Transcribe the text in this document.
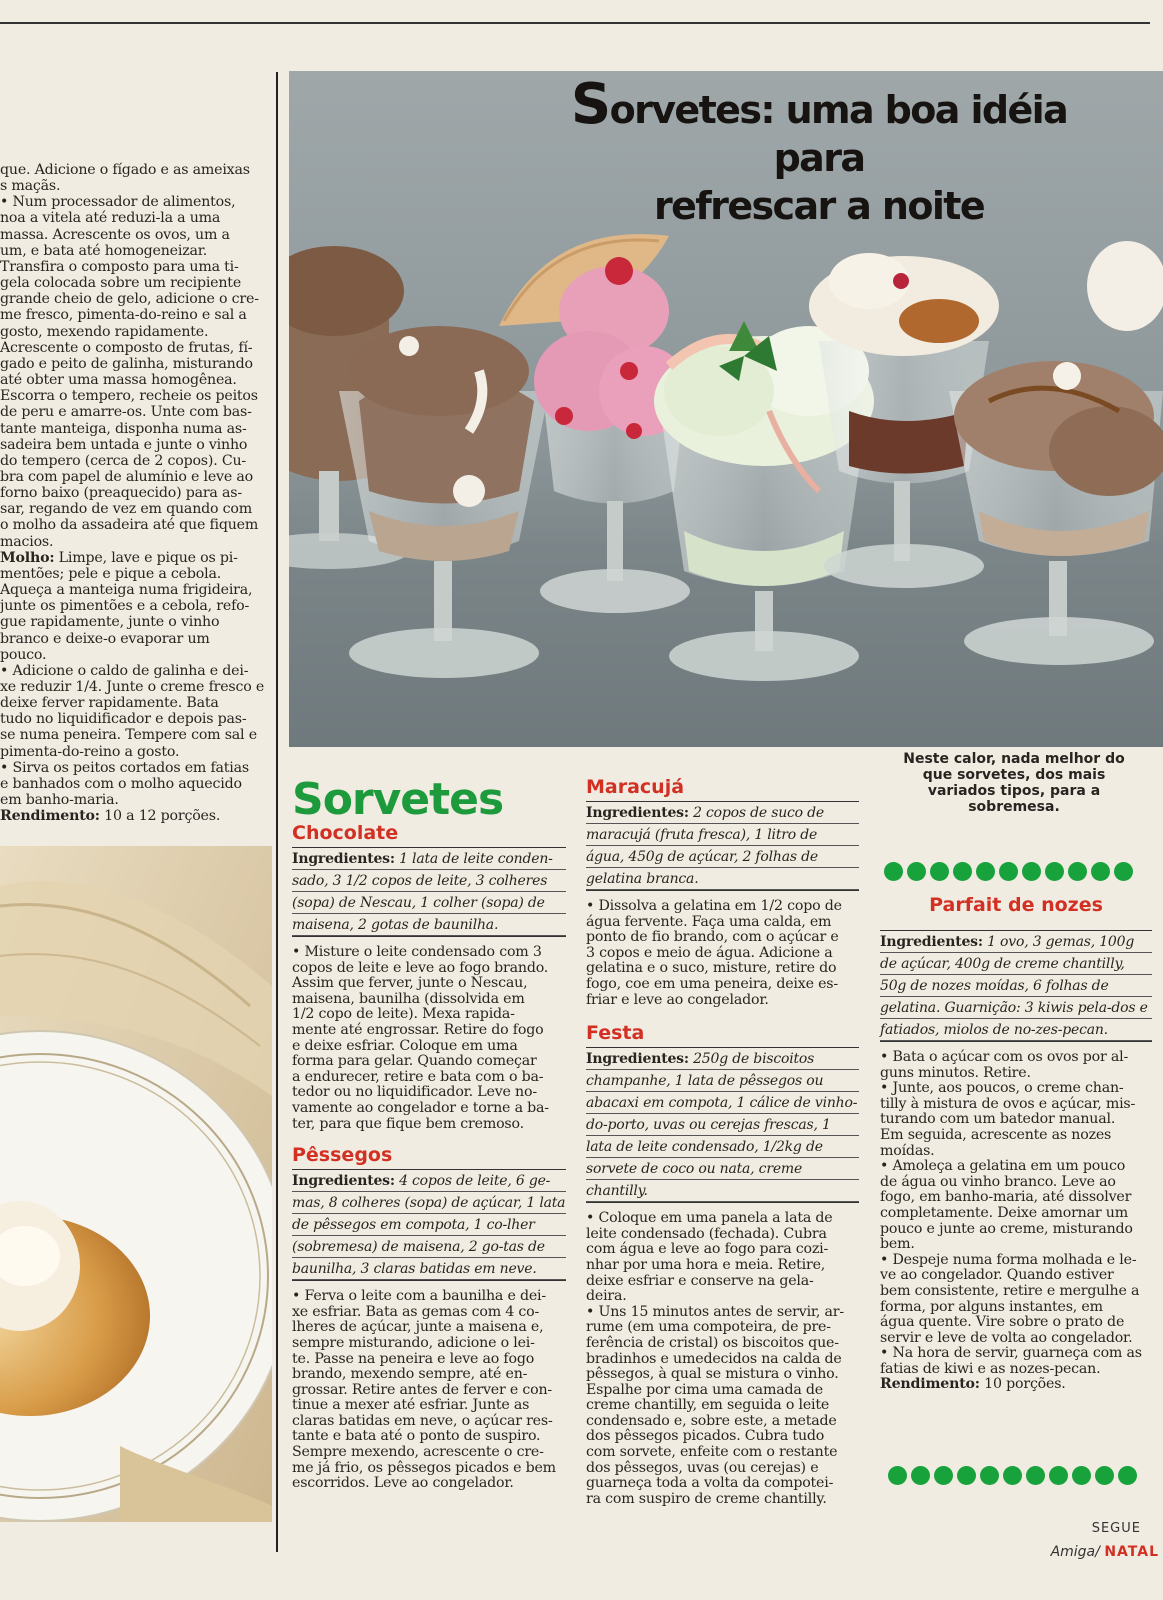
que. Adicione o fígado e as ameixas
s maçãs.
• Num processador de alimentos,
noa a vitela até reduzi-la a uma
massa. Acrescente os ovos, um a
um, e bata até homogeneizar.
Transfira o composto para uma ti-
gela colocada sobre um recipiente
grande cheio de gelo, adicione o cre-
me fresco, pimenta-do-reino e sal a
gosto, mexendo rapidamente.
Acrescente o composto de frutas, fí-
gado e peito de galinha, misturando
até obter uma massa homogênea.
Escorra o tempero, recheie os peitos
de peru e amarre-os. Unte com bas-
tante manteiga, disponha numa as-
sadeira bem untada e junte o vinho
do tempero (cerca de 2 copos). Cu-
bra com papel de alumínio e leve ao
forno baixo (preaquecido) para as-
sar, regando de vez em quando com
o molho da assadeira até que fiquem
macios.
Molho: Limpe, lave e pique os pi-
mentões; pele e pique a cebola.
Aqueça a manteiga numa frigideira,
junte os pimentões e a cebola, refo-
gue rapidamente, junte o vinho
branco e deixe-o evaporar um
pouco.
• Adicione o caldo de galinha e dei-
xe reduzir 1/4. Junte o creme fresco e
deixe ferver rapidamente. Bata
tudo no liquidificador e depois pas-
se numa peneira. Tempere com sal e
pimenta-do-reino a gosto.
• Sirva os peitos cortados em fatias
e banhados com o molho aquecido
em banho-maria.
Rendimento: 10 a 12 porções.
Sorvetes: uma boa idéia para
refrescar a noite
Neste calor, nada melhor do que sorvetes, dos mais variados tipos, para a sobremesa.
Sorvetes
Chocolate
Ingredientes: 1 lata de leite conden-sado, 3 1/2 copos de leite, 3 colheres (sopa) de Nescau, 1 colher (sopa) de maisena, 2 gotas de baunilha.

• Misture o leite condensado com 3
copos de leite e leve ao fogo brando.
Assim que ferver, junte o Nescau,
maisena, baunilha (dissolvida em
1/2 copo de leite). Mexa rapida-
mente até engrossar. Retire do fogo
e deixe esfriar. Coloque em uma
forma para gelar. Quando começar
a endurecer, retire e bata com o ba-
tedor ou no liquidificador. Leve no-
vamente ao congelador e torne a ba-
ter, para que fique bem cremoso.

Pêssegos
Ingredientes: 4 copos de leite, 6 ge-mas, 8 colheres (sopa) de açúcar, 1 lata de pêssegos em compota, 1 co-lher (sobremesa) de maisena, 2 go-tas de baunilha, 3 claras batidas em neve.

• Ferva o leite com a baunilha e dei-
xe esfriar. Bata as gemas com 4 co-
lheres de açúcar, junte a maisena e,
sempre misturando, adicione o lei-
te. Passe na peneira e leve ao fogo
brando, mexendo sempre, até en-
grossar. Retire antes de ferver e con-
tinue a mexer até esfriar. Junte as
claras batidas em neve, o açúcar res-
tante e bata até o ponto de suspiro.
Sempre mexendo, acrescente o cre-
me já frio, os pêssegos picados e bem
escorridos. Leve ao congelador.

Maracujá
Ingredientes: 2 copos de suco de maracujá (fruta fresca), 1 litro de água, 450g de açúcar, 2 folhas de gelatina branca.

• Dissolva a gelatina em 1/2 copo de
água fervente. Faça uma calda, em
ponto de fio brando, com o açúcar e
3 copos e meio de água. Adicione a
gelatina e o suco, misture, retire do
fogo, coe em uma peneira, deixe es-
friar e leve ao congelador.

Festa
Ingredientes: 250g de biscoitos champanhe, 1 lata de pêssegos ou abacaxi em compota, 1 cálice de vinho-do-porto, uvas ou cerejas frescas, 1 lata de leite condensado, 1/2kg de sorvete de coco ou nata, creme chantilly.

• Coloque em uma panela a lata de
leite condensado (fechada). Cubra
com água e leve ao fogo para cozi-
nhar por uma hora e meia. Retire,
deixe esfriar e conserve na gela-
deira.
• Uns 15 minutos antes de servir, ar-
rume (em uma compoteira, de pre-
ferência de cristal) os biscoitos que-
bradinhos e umedecidos na calda de
pêssegos, à qual se mistura o vinho.
Espalhe por cima uma camada de
creme chantilly, em seguida o leite
condensado e, sobre este, a metade
dos pêssegos picados. Cubra tudo
com sorvete, enfeite com o restante
dos pêssegos, uvas (ou cerejas) e
guarneça toda a volta da compotei-
ra com suspiro de creme chantilly.

Parfait de nozes
Ingredientes: 1 ovo, 3 gemas, 100g de açúcar, 400g de creme chantilly, 50g de nozes moídas, 6 folhas de gelatina. Guarnição: 3 kiwis pela-dos e fatiados, miolos de no-zes-pecan.

• Bata o açúcar com os ovos por al-
guns minutos. Retire.
• Junte, aos poucos, o creme chan-
tilly à mistura de ovos e açúcar, mis-
turando com um batedor manual.
Em seguida, acrescente as nozes
moídas.
• Amoleça a gelatina em um pouco
de água ou vinho branco. Leve ao
fogo, em banho-maria, até dissolver
completamente. Deixe amornar um
pouco e junte ao creme, misturando
bem.
• Despeje numa forma molhada e le-
ve ao congelador. Quando estiver
bem consistente, retire e mergulhe a
forma, por alguns instantes, em
água quente. Vire sobre o prato de
servir e leve de volta ao congelador.
• Na hora de servir, guarneça com as
fatias de kiwi e as nozes-pecan.

Rendimento: 10 porções.

SEGUE
Amiga/ NATAL
